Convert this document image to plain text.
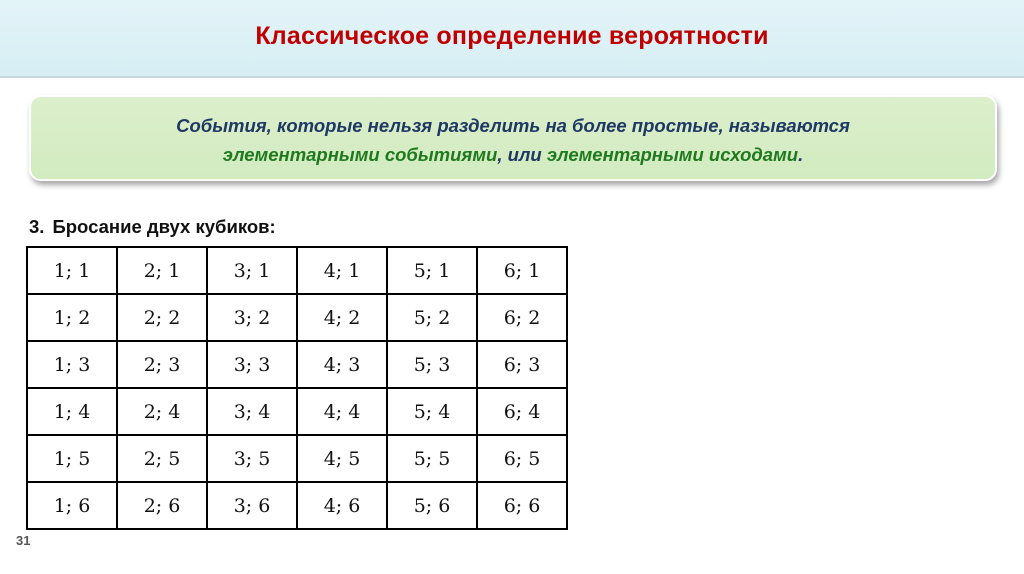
Классическое определение вероятности
События, которые нельзя разделить на более простые, называются
элементарными событиями, или элементарными исходами.
3. Бросание двух кубиков:
1; 1	2; 1	3; 1	4; 1	5; 1	6; 1
1; 2	2; 2	3; 2	4; 2	5; 2	6; 2
1; 3	2; 3	3; 3	4; 3	5; 3	6; 3
1; 4	2; 4	3; 4	4; 4	5; 4	6; 4
1; 5	2; 5	3; 5	4; 5	5; 5	6; 5
1; 6	2; 6	3; 6	4; 6	5; 6	6; 6
31
